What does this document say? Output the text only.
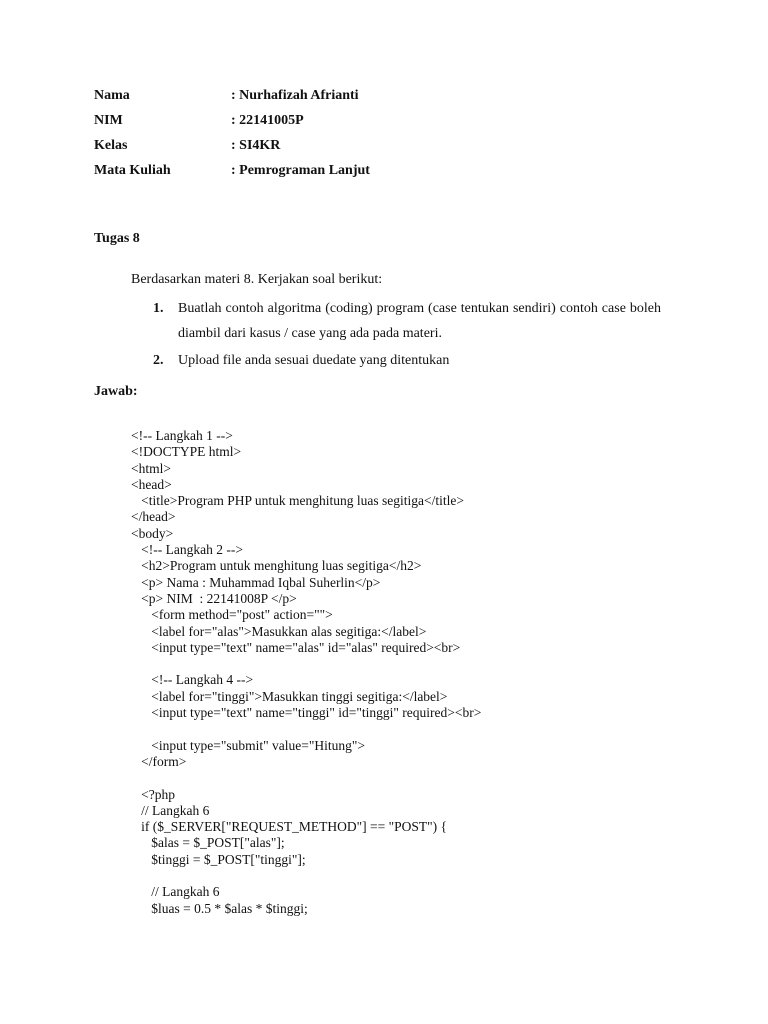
Nama	: Nurhafizah Afrianti
NIM	: 22141005P
Kelas	: SI4KR
Mata Kuliah	: Pemrograman Lanjut
Tugas 8
Berdasarkan materi 8. Kerjakan soal berikut:
1. Buatlah contoh algoritma (coding) program (case tentukan sendiri) contoh case boleh diambil dari kasus / case yang ada pada materi.
2. Upload file anda sesuai duedate yang ditentukan
Jawab:
<!-- Langkah 1 -->
<!DOCTYPE html>
<html>
<head>
<title>Program PHP untuk menghitung luas segitiga</title>
</head>
<body>
<!-- Langkah 2 -->
<h2>Program untuk menghitung luas segitiga</h2>
<p> Nama : Muhammad Iqbal Suherlin</p>
<p> NIM  : 22141008P </p>
<form method="post" action="">
<label for="alas">Masukkan alas segitiga:</label>
<input type="text" name="alas" id="alas" required><br>
<!-- Langkah 4 -->
<label for="tinggi">Masukkan tinggi segitiga:</label>
<input type="text" name="tinggi" id="tinggi" required><br>
<input type="submit" value="Hitung">
</form>
<?php
// Langkah 6
if ($_SERVER["REQUEST_METHOD"] == "POST") {
$alas = $_POST["alas"];
$tinggi = $_POST["tinggi"];
// Langkah 6
$luas = 0.5 * $alas * $tinggi;
